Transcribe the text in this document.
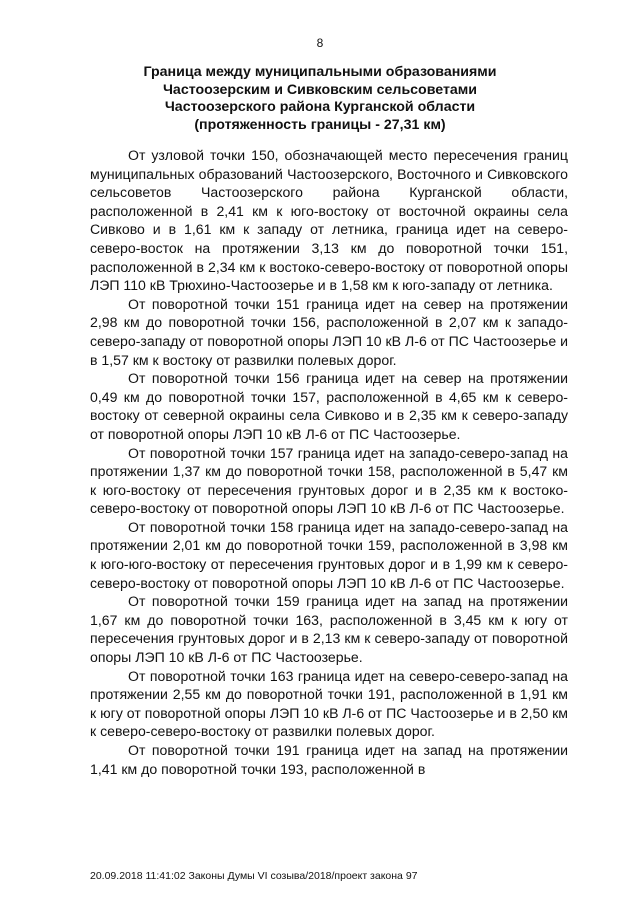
8
Граница между муниципальными образованиями
Частоозерским и Сивковским сельсоветами
Частоозерского района Курганской области
(протяженность границы - 27,31 км)

От узловой точки 150, обозначающей место пересечения границ муниципальных образований Частоозерского, Восточного и Сивковского сельсоветов Частоозерского района Курганской области, расположенной в 2,41 км к юго-востоку от восточной окраины села Сивково и в 1,61 км к западу от летника, граница идет на северо-северо-восток на протяжении 3,13 км до поворотной точки 151, расположенной в 2,34 км к востоко-северо-востоку от поворотной опоры ЛЭП 110 кВ Трюхино-Частоозерье и в 1,58 км к юго-западу от летника.

От поворотной точки 151 граница идет на север на протяжении 2,98 км до поворотной точки 156, расположенной в 2,07 км к западо-северо-западу от поворотной опоры ЛЭП 10 кВ Л-6 от ПС Частоозерье и в 1,57 км к востоку от развилки полевых дорог.

От поворотной точки 156 граница идет на север на протяжении 0,49 км до поворотной точки 157, расположенной в 4,65 км к северо-востоку от северной окраины села Сивково и в 2,35 км к северо-западу от поворотной опоры ЛЭП 10 кВ Л-6 от ПС Частоозерье.

От поворотной точки 157 граница идет на западо-северо-запад на протяжении 1,37 км до поворотной точки 158, расположенной в 5,47 км к юго-востоку от пересечения грунтовых дорог и в 2,35 км к востоко-северо-востоку от поворотной опоры ЛЭП 10 кВ Л-6 от ПС Частоозерье.

От поворотной точки 158 граница идет на западо-северо-запад на протяжении 2,01 км до поворотной точки 159, расположенной в 3,98 км к юго-юго-востоку от пересечения грунтовых дорог и в 1,99 км к северо-северо-востоку от поворотной опоры ЛЭП 10 кВ Л-6 от ПС Частоозерье.

От поворотной точки 159 граница идет на запад на протяжении 1,67 км до поворотной точки 163, расположенной в 3,45 км к югу от пересечения грунтовых дорог и в 2,13 км к северо-западу от поворотной опоры ЛЭП 10 кВ Л-6 от ПС Частоозерье.

От поворотной точки 163 граница идет на северо-северо-запад на протяжении 2,55 км до поворотной точки 191, расположенной в 1,91 км к югу от поворотной опоры ЛЭП 10 кВ Л-6 от ПС Частоозерье и в 2,50 км к северо-северо-востоку от развилки полевых дорог.

От поворотной точки 191 граница идет на запад на протяжении 1,41 км до поворотной точки 193, расположенной в

20.09.2018 11:41:02 Законы Думы VI созыва/2018/проект закона 97
